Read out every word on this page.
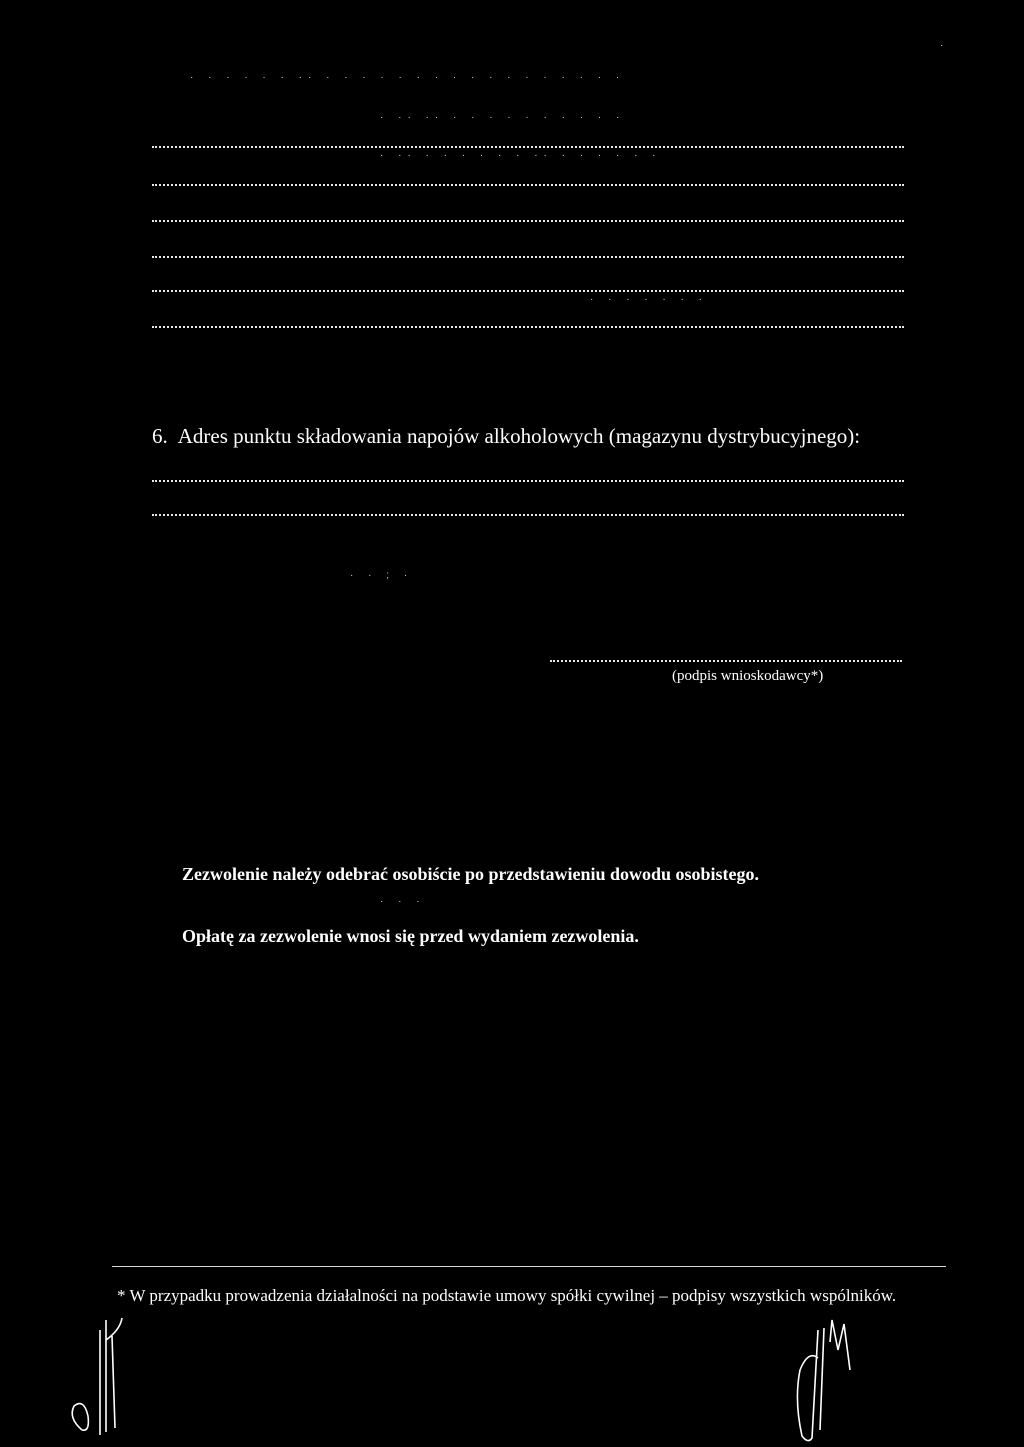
·
· · · · · · ·· · · · · · · · · · · · · · · · · ·
· ·· ·· · · · · · · · · · ·
· ·· · · · · · · ·· · · · · · ·
· · · · · · ·
6. Adres punktu składowania napojów alkoholowych (magazynu dystrybucyjnego):
· · ; ·
(podpis wnioskodawcy*)
Zezwolenie należy odebrać osobiście po przedstawieniu dowodu osobistego.
Opłatę za zezwolenie wnosi się przed wydaniem zezwolenia.
· · ·
* W przypadku prowadzenia działalności na podstawie umowy spółki cywilnej – podpisy wszystkich wspólników.
